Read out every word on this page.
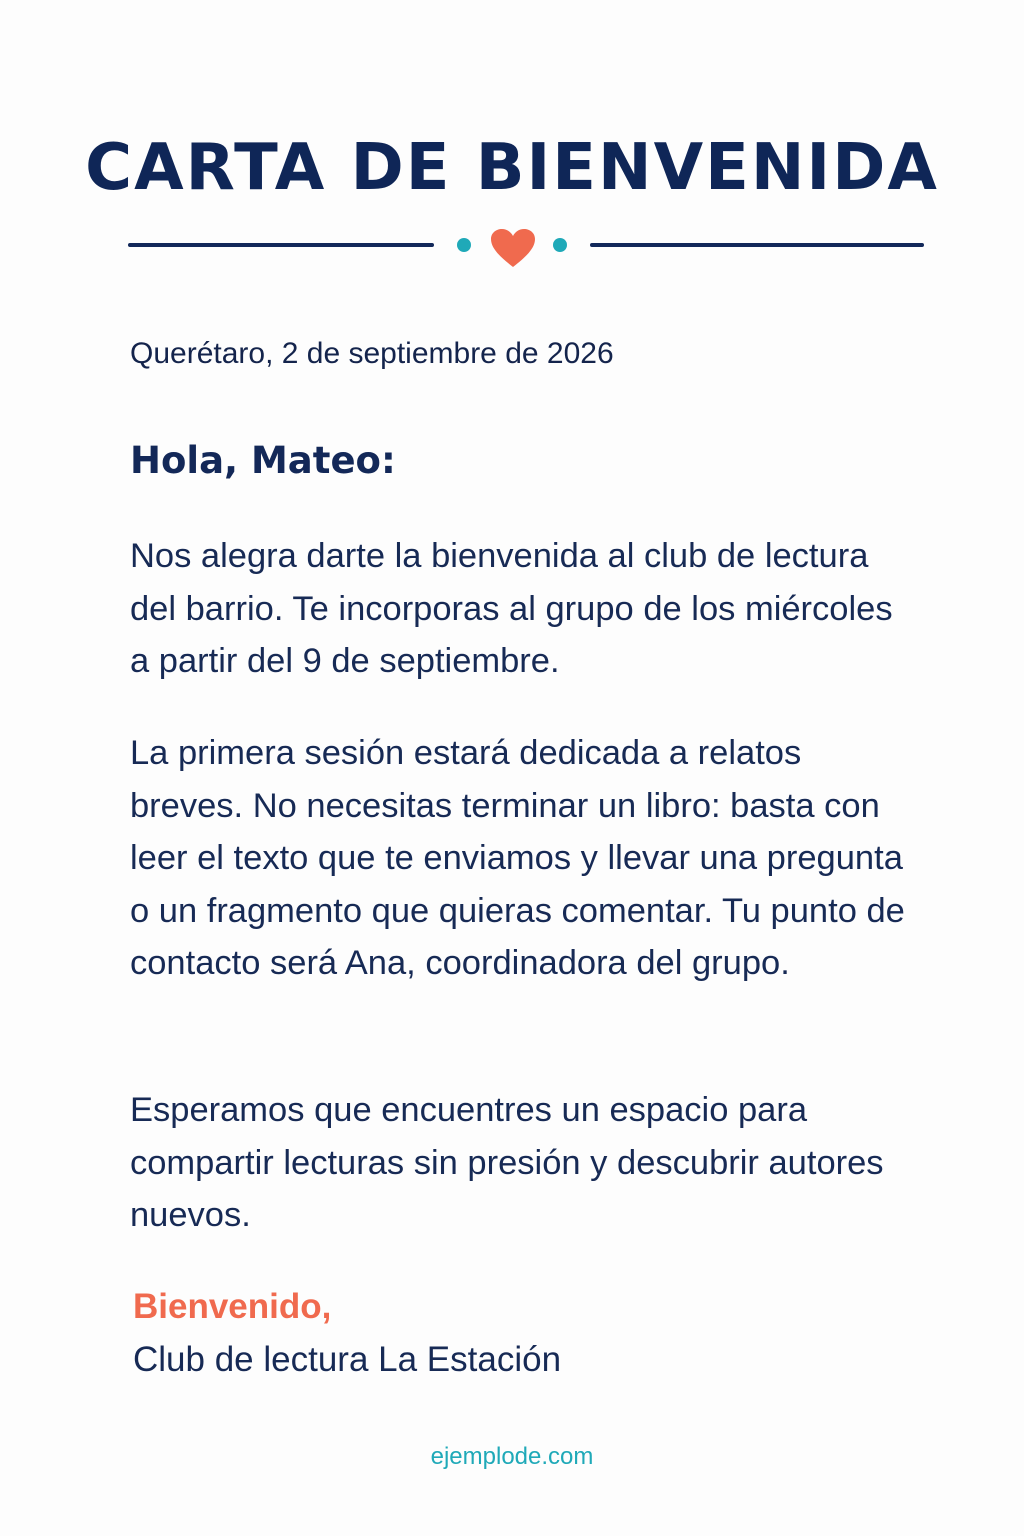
CARTA DE BIENVENIDA
Querétaro, 2 de septiembre de 2026
Hola, Mateo:

Nos alegra darte la bienvenida al club de lectura del barrio. Te incorporas al grupo de los miércoles a partir del 9 de septiembre.

La primera sesión estará dedicada a relatos breves. No necesitas terminar un libro: basta con leer el texto que te enviamos y llevar una pregunta o un fragmento que quieras comentar. Tu punto de contacto será Ana, coordinadora del grupo.

Esperamos que encuentres un espacio para compartir lecturas sin presión y descubrir autores nuevos.

Bienvenido,
Club de lectura La Estación
ejemplode.com
